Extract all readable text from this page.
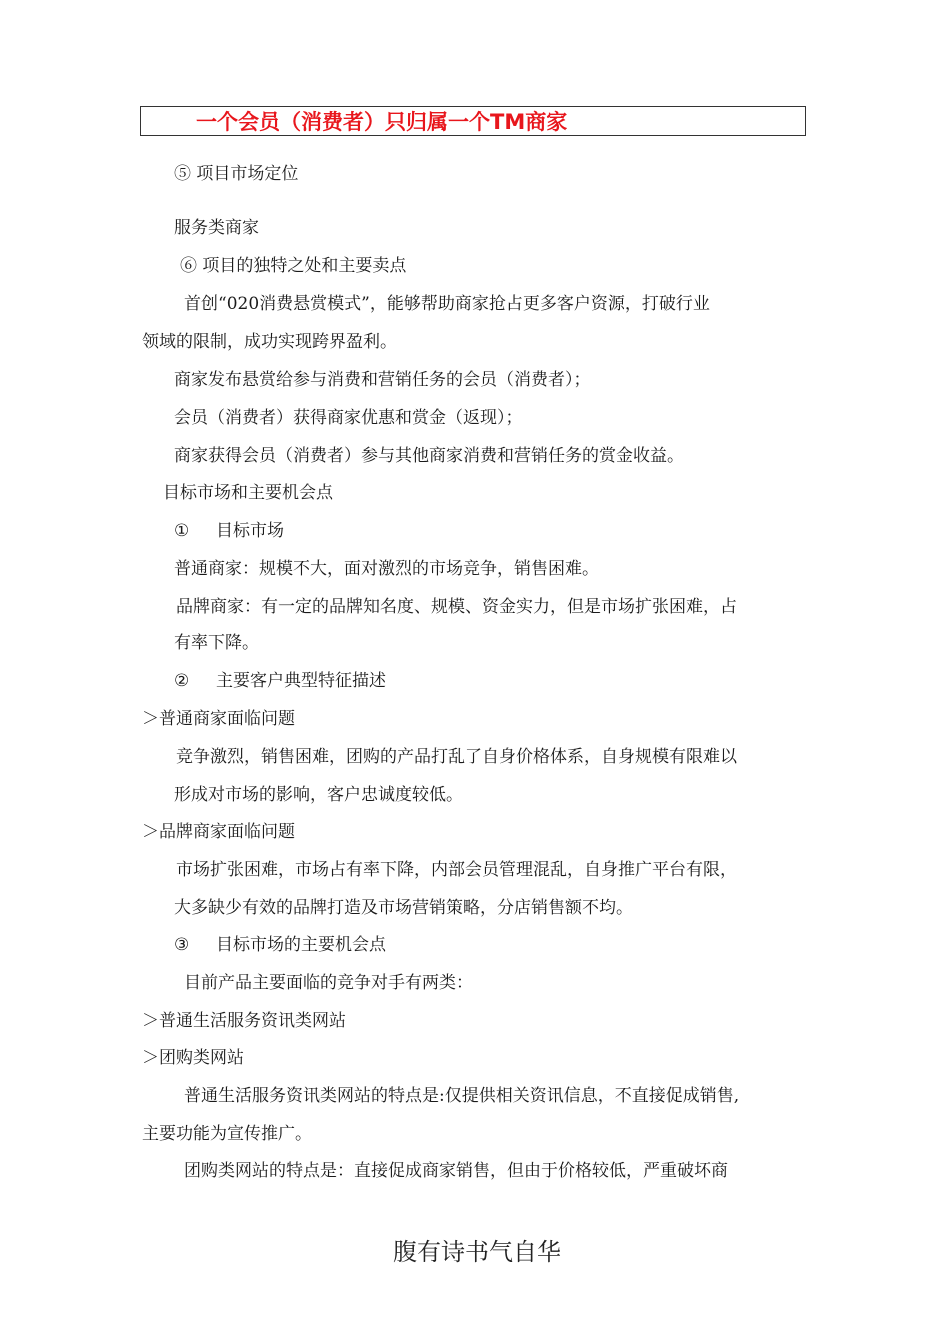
一个会员（消费者）只归属一个TM商家
⑤ 项目市场定位
服务类商家
⑥ 项目的独特之处和主要卖点
首创“020消费悬赏模式”，能够帮助商家抢占更多客户资源，打破行业
领域的限制，成功实现跨界盈利。
商家发布悬赏给参与消费和营销任务的会员（消费者）；
会员（消费者）获得商家优惠和赏金（返现）；
商家获得会员（消费者）参与其他商家消费和营销任务的赏金收益。
目标市场和主要机会点
① 目标市场
普通商家：规模不大，面对激烈的市场竞争，销售困难。
品牌商家：有一定的品牌知名度、规模、资金实力，但是市场扩张困难，占
有率下降。
② 主要客户典型特征描述
＞普通商家面临问题
竞争激烈，销售困难，团购的产品打乱了自身价格体系，自身规模有限难以
形成对市场的影响，客户忠诚度较低。
＞品牌商家面临问题
市场扩张困难，市场占有率下降，内部会员管理混乱，自身推广平台有限，
大多缺少有效的品牌打造及市场营销策略，分店销售额不均。
③ 目标市场的主要机会点
目前产品主要面临的竞争对手有两类：
＞普通生活服务资讯类网站
＞团购类网站
普通生活服务资讯类网站的特点是:仅提供相关资讯信息，不直接促成销售,
主要功能为宣传推广。
团购类网站的特点是：直接促成商家销售，但由于价格较低，严重破坏商
腹有诗书气自华
